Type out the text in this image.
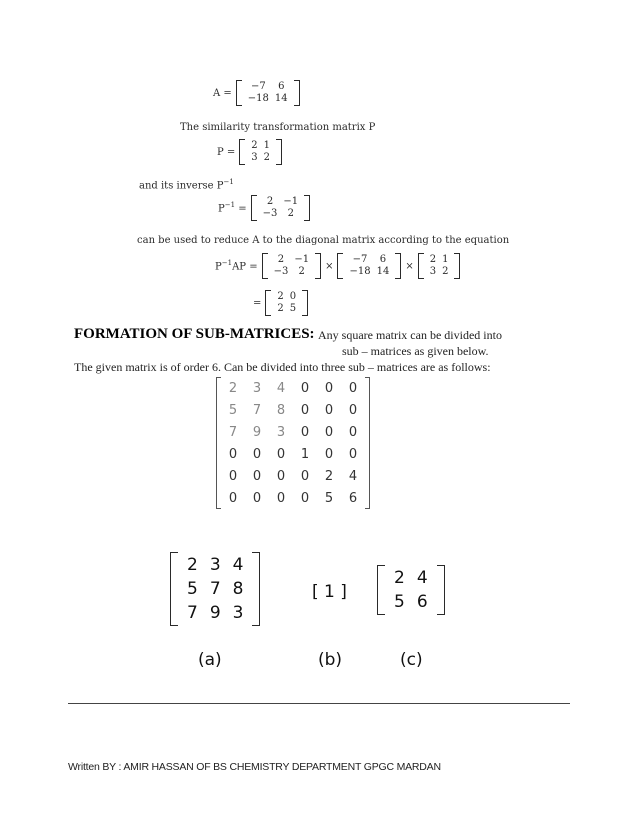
A =
−7	6
−18 14
The similarity transformation matrix P
P =
2 1
3 2
and its inverse $P^{-1}$
$P^{-1}$ =
2	−1
−3	2
can be used to reduce A to the diagonal matrix according to the equation
$P^{-1}AP$ =
2	−1
−3	2	×
−7	6
−18 14	×
2 1
3 2
=
2 0
2 5
FORMATION OF SUB-MATRICES: Any square matrix can be divided into
sub – matrices as given below.
The given matrix is of order 6. Can be divided into three sub – matrices are as follows:
2	3	4	0	0	0
5	7	8	0	0	0
7	9	3	0	0	0
0	0	0	1	0	0
0	0	0	0	2	4
0	0	0	0	5	6
2 3 4
5 7 8
7 9 3
(a)
[ 1 ]
(b)
2 4
5 6
(c)
Written BY : AMIR HASSAN OF BS CHEMISTRY DEPARTMENT GPGC MARDAN
